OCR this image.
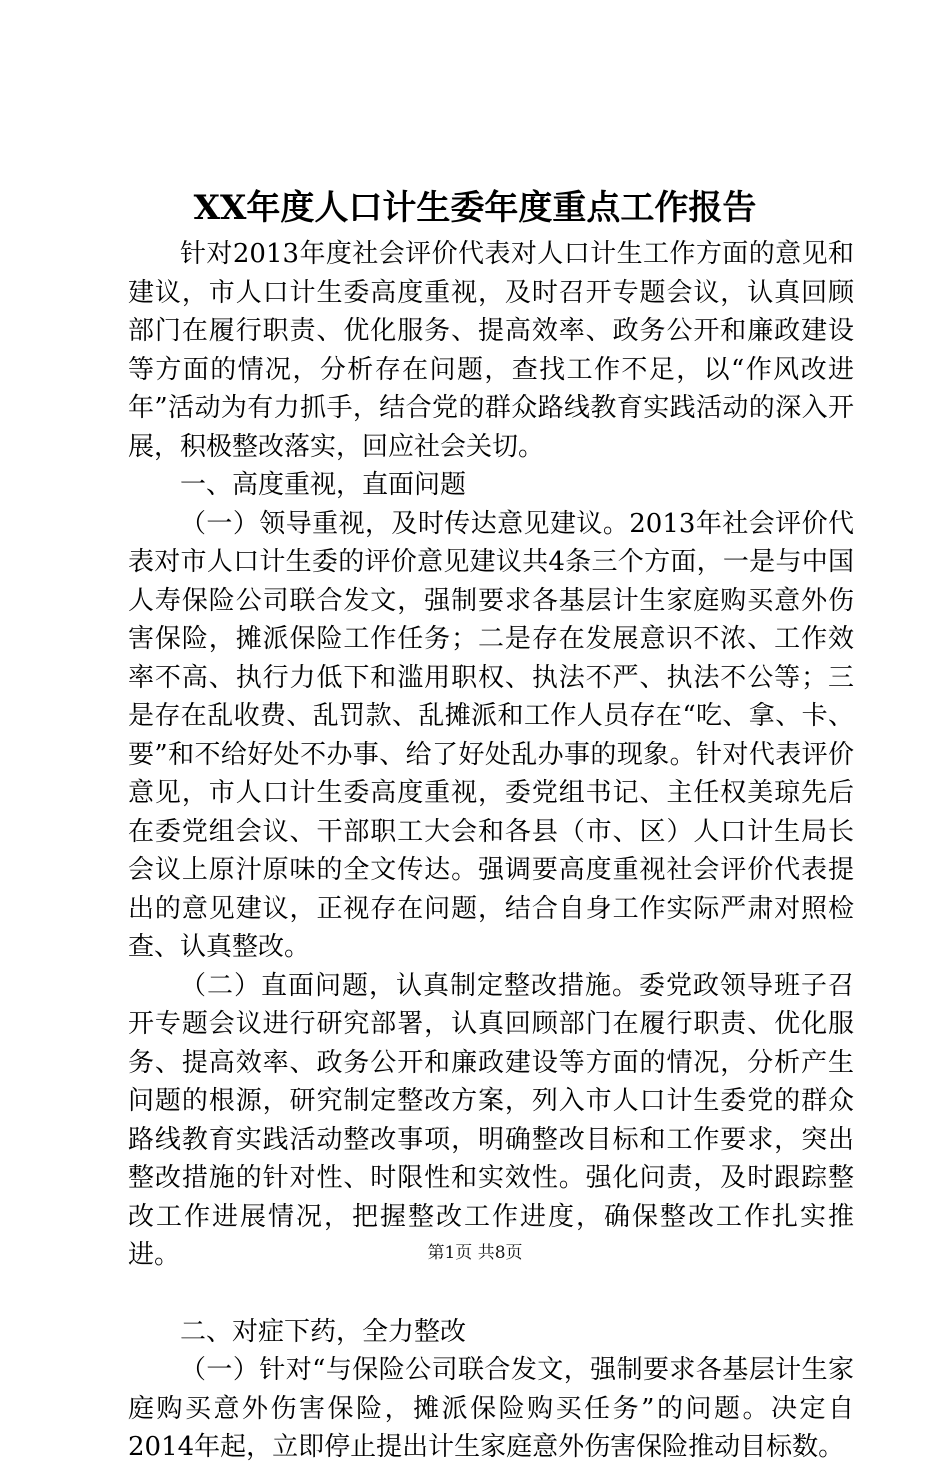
XX年度人口计生委年度重点工作报告

针对2013年度社会评价代表对人口计生工作方面的意见和建议，市人口计生委高度重视，及时召开专题会议，认真回顾部门在履行职责、优化服务、提高效率、政务公开和廉政建设等方面的情况，分析存在问题，查找工作不足，以“作风改进年”活动为有力抓手，结合党的群众路线教育实践活动的深入开展，积极整改落实，回应社会关切。

一、高度重视，直面问题

（一）领导重视，及时传达意见建议。2013年社会评价代表对市人口计生委的评价意见建议共4条三个方面，一是与中国人寿保险公司联合发文，强制要求各基层计生家庭购买意外伤害保险，摊派保险工作任务；二是存在发展意识不浓、工作效率不高、执行力低下和滥用职权、执法不严、执法不公等；三是存在乱收费、乱罚款、乱摊派和工作人员存在“吃、拿、卡、要”和不给好处不办事、给了好处乱办事的现象。针对代表评价意见，市人口计生委高度重视，委党组书记、主任权美琼先后在委党组会议、干部职工大会和各县（市、区）人口计生局长会议上原汁原味的全文传达。强调要高度重视社会评价代表提出的意见建议，正视存在问题，结合自身工作实际严肃对照检查、认真整改。

（二）直面问题，认真制定整改措施。委党政领导班子召开专题会议进行研究部署，认真回顾部门在履行职责、优化服务、提高效率、政务公开和廉政建设等方面的情况，分析产生问题的根源，研究制定整改方案，列入市人口计生委党的群众路线教育实践活动整改事项，明确整改目标和工作要求，突出整改措施的针对性、时限性和实效性。强化问责，及时跟踪整改工作进展情况，把握整改工作进度，确保整改工作扎实推进。

二、对症下药，全力整改

（一）针对“与保险公司联合发文，强制要求各基层计生家庭购买意外伤害保险，摊派保险购买任务”的问题。决定自2014年起，立即停止提出计生家庭意外伤害保险推动目标数。

第1页 共8页
